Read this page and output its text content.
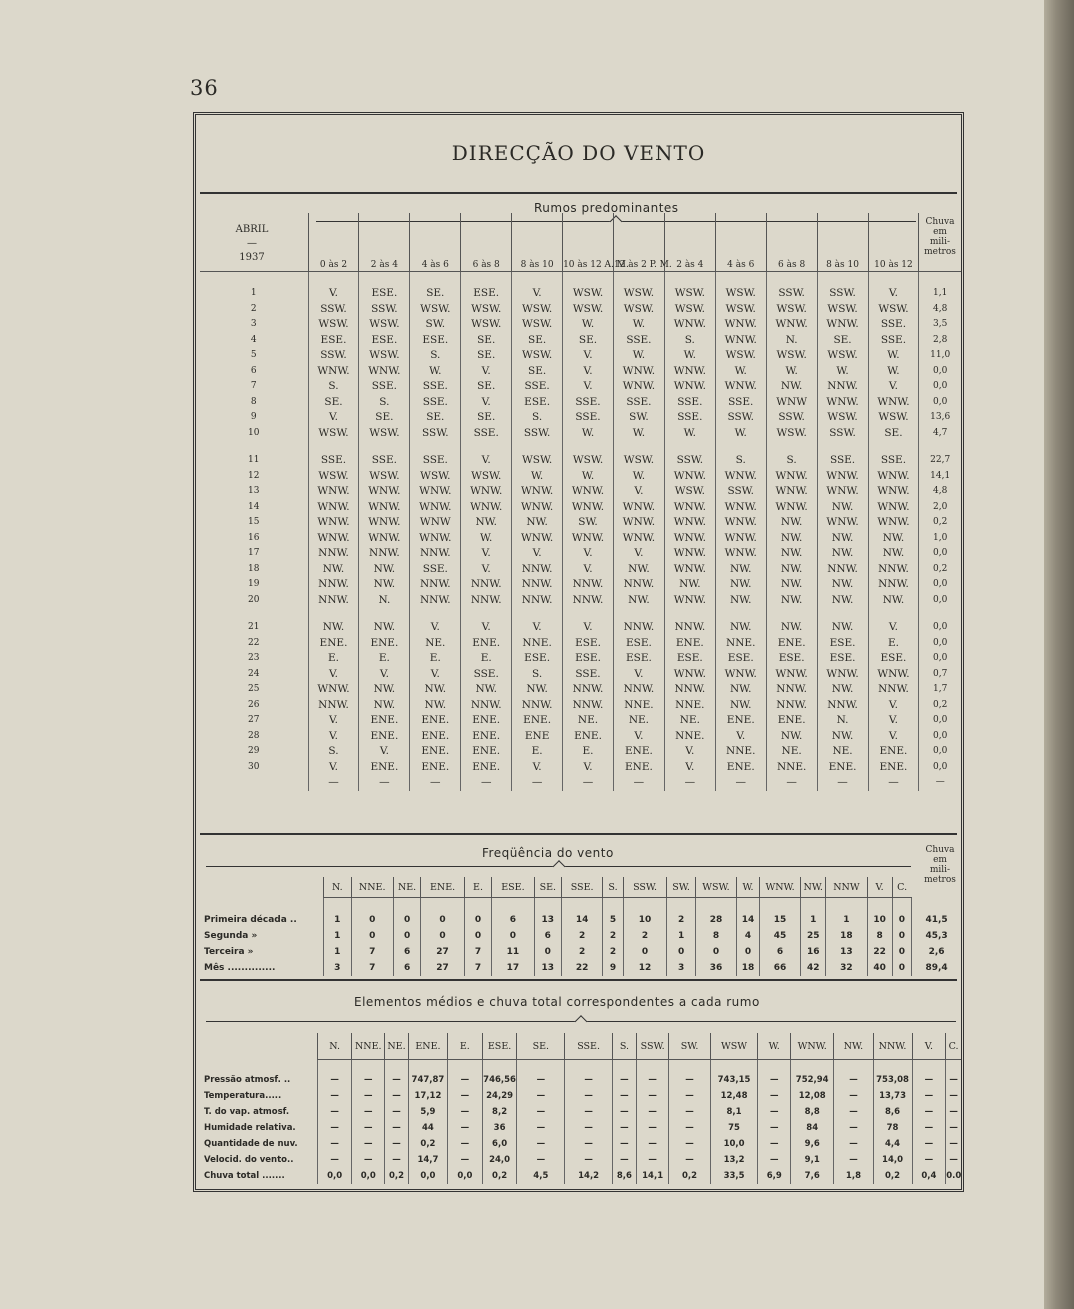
36
DIRECÇÃO DO VENTO
Rumos predominantes
ABRIL
—
1937
Chuva
em
mili-
metros
	0 às 2	2 às 4	4 às 6	6 às 8	8 às 10	10 às 12 A. M.	12 às 2 P. M.	2 às 4	4 às 6	6 às 8	8 às 10	10 às 12	
1	V.	ESE.	SE.	ESE.	V.	WSW.	WSW.	WSW.	WSW.	SSW.	SSW.	V.	1,1
2	SSW.	SSW.	WSW.	WSW.	WSW.	WSW.	WSW.	WSW.	WSW.	WSW.	WSW.	WSW.	4,8
3	WSW.	WSW.	SW.	WSW.	WSW.	W.	W.	WNW.	WNW.	WNW.	WNW.	SSE.	3,5
4	ESE.	ESE.	ESE.	SE.	SE.	SE.	SSE.	S.	WNW.	N.	SE.	SSE.	2,8
5	SSW.	WSW.	S.	SE.	WSW.	V.	W.	W.	WSW.	WSW.	WSW.	W.	11,0
6	WNW.	WNW.	W.	V.	SE.	V.	WNW.	WNW.	W.	W.	W.	W.	0,0
7	S.	SSE.	SSE.	SE.	SSE.	V.	WNW.	WNW.	WNW.	NW.	NNW.	V.	0,0
8	SE.	S.	SSE.	V.	ESE.	SSE.	SSE.	SSE.	SSE.	WNW	WNW.	WNW.	0,0
9	V.	SE.	SE.	SE.	S.	SSE.	SW.	SSE.	SSW.	SSW.	WSW.	WSW.	13,6
10	WSW.	WSW.	SSW.	SSE.	SSW.	W.	W.	W.	W.	WSW.	SSW.	SE.	4,7

11	SSE.	SSE.	SSE.	V.	WSW.	WSW.	WSW.	SSW.	S.	S.	SSE.	SSE.	22,7
12	WSW.	WSW.	WSW.	WSW.	W.	W.	W.	WNW.	WNW.	WNW.	WNW.	WNW.	14,1
13	WNW.	WNW.	WNW.	WNW.	WNW.	WNW.	V.	WSW.	SSW.	WNW.	WNW.	WNW.	4,8
14	WNW.	WNW.	WNW.	WNW.	WNW.	WNW.	WNW.	WNW.	WNW.	WNW.	NW.	WNW.	2,0
15	WNW.	WNW.	WNW	NW.	NW.	SW.	WNW.	WNW.	WNW.	NW.	WNW.	WNW.	0,2
16	WNW.	WNW.	WNW.	W.	WNW.	WNW.	WNW.	WNW.	WNW.	NW.	NW.	NW.	1,0
17	NNW.	NNW.	NNW.	V.	V.	V.	V.	WNW.	WNW.	NW.	NW.	NW.	0,0
18	NW.	NW.	SSE.	V.	NNW.	V.	NW.	WNW.	NW.	NW.	NNW.	NNW.	0,2
19	NNW.	NW.	NNW.	NNW.	NNW.	NNW.	NNW.	NW.	NW.	NW.	NW.	NNW.	0,0
20	NNW.	N.	NNW.	NNW.	NNW.	NNW.	NW.	WNW.	NW.	NW.	NW.	NW.	0,0

21	NW.	NW.	V.	V.	V.	V.	NNW.	NNW.	NW.	NW.	NW.	V.	0,0
22	ENE.	ENE.	NE.	ENE.	NNE.	ESE.	ESE.	ENE.	NNE.	ENE.	ESE.	E.	0,0
23	E.	E.	E.	E.	ESE.	ESE.	ESE.	ESE.	ESE.	ESE.	ESE.	ESE.	0,0
24	V.	V.	V.	SSE.	S.	SSE.	V.	WNW.	WNW.	WNW.	WNW.	WNW.	0,7
25	WNW.	NW.	NW.	NW.	NW.	NNW.	NNW.	NNW.	NW.	NNW.	NW.	NNW.	1,7
26	NNW.	NW.	NW.	NNW.	NNW.	NNW.	NNE.	NNE.	NW.	NNW.	NNW.	V.	0,2
27	V.	ENE.	ENE.	ENE.	ENE.	NE.	NE.	NE.	ENE.	ENE.	N.	V.	0,0
28	V.	ENE.	ENE.	ENE.	ENE	ENE.	V.	NNE.	V.	NW.	NW.	V.	0,0
29	S.	V.	ENE.	ENE.	E.	E.	ENE.	V.	NNE.	NE.	NE.	ENE.	0,0
30	V.	ENE.	ENE.	ENE.	V.	V.	ENE.	V.	ENE.	NNE.	ENE.	ENE.	0,0
	—	—	—	—	—	—	—	—	—	—	—	—	—
Freqüência do vento	Chuva
em
mili-
metros
	N.	NNE.	NE.	ENE.	E.	ESE.	SE.	SSE.	S.	SSW.	SW.	WSW.	W.	WNW.	NW.	NNW	V.	C.	
Primeira década ..	1	0	0	0	0	6	13	14	5	10	2	28	14	15	1	1	10	0	41,5
Segunda »	1	0	0	0	0	0	6	2	2	2	1	8	4	45	25	18	8	0	45,3
Terceira »	1	7	6	27	7	11	0	2	2	0	0	0	0	6	16	13	22	0	2,6
Mês ..............	3	7	6	27	7	17	13	22	9	12	3	36	18	66	42	32	40	0	89,4
Elementos médios e chuva total correspondentes a cada rumo
	N.	NNE.	NE.	ENE.	E.	ESE.	SE.	SSE.	S.	SSW.	SW.	WSW	W.	WNW.	NW.	NNW.	V.	C.
Pressão atmosf. ..	—	—	—	747,87	—	746,56	—	—	—	—	—	743,15	—	752,94	—	753,08	—	—
Temperatura.....	—	—	—	17,12	—	24,29	—	—	—	—	—	12,48	—	12,08	—	13,73	—	—
T. do vap. atmosf.	—	—	—	5,9	—	8,2	—	—	—	—	—	8,1	—	8,8	—	8,6	—	—
Humidade relativa.	—	—	—	44	—	36	—	—	—	—	—	75	—	84	—	78	—	—
Quantidade de nuv.	—	—	—	0,2	—	6,0	—	—	—	—	—	10,0	—	9,6	—	4,4	—	—
Velocid. do vento..	—	—	—	14,7	—	24,0	—	—	—	—	—	13,2	—	9,1	—	14,0	—	—
Chuva total .......	0,0	0,0	0,2	0,0	0,0	0,2	4,5	14,2	8,6	14,1	0,2	33,5	6,9	7,6	1,8	0,2	0,4	0.0
